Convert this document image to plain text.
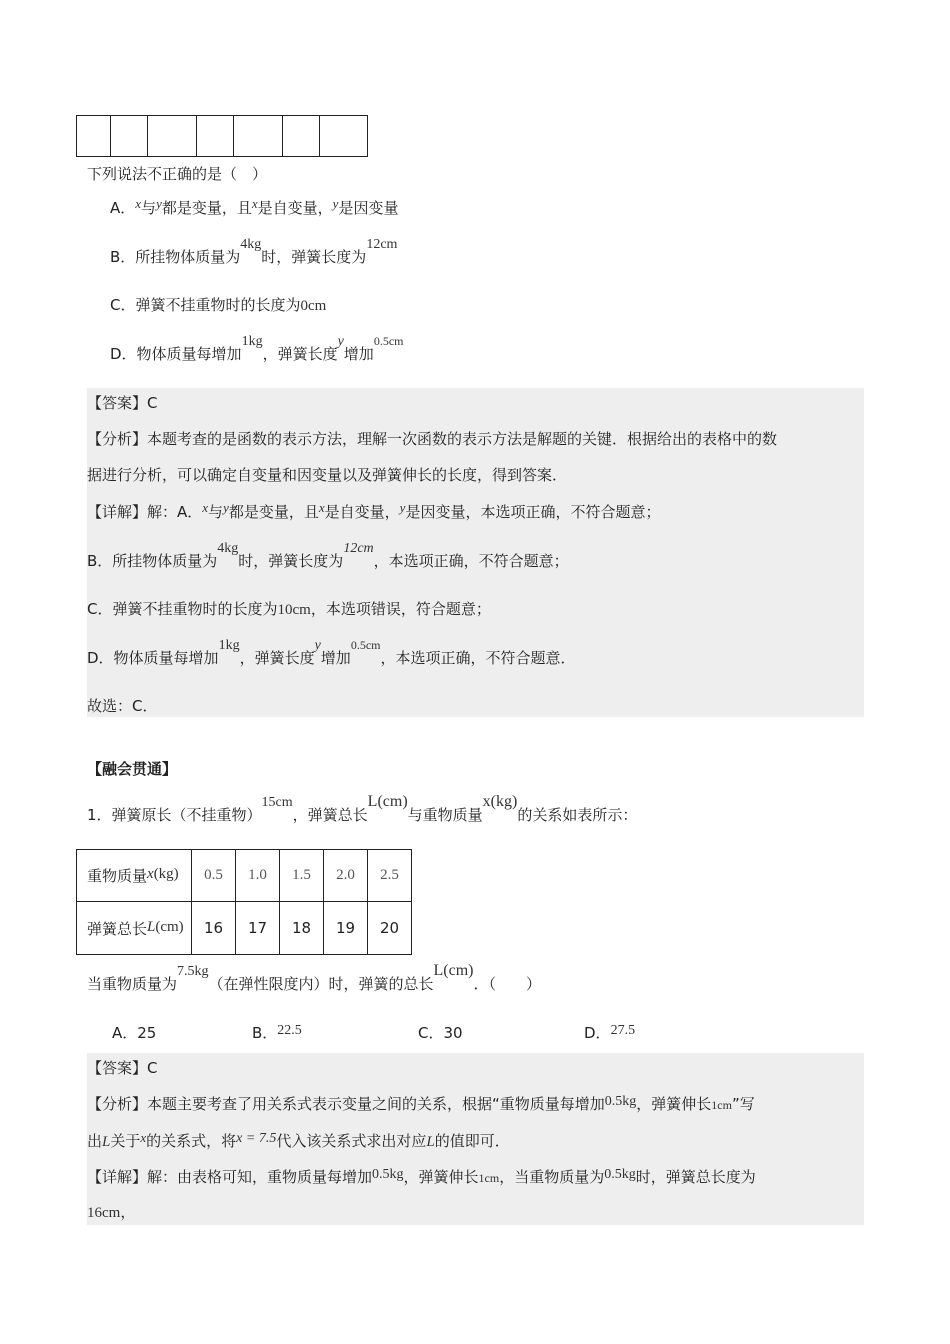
下列说法不正确的是（　）
A．x与y都是变量，且x是自变量，y是因变量
B．所挂物体质量为4kg时，弹簧长度为12cm
C．弹簧不挂重物时的长度为0cm
D．物体质量每增加1kg，弹簧长度y增加$^{0.5cm}$
【答案】C
【分析】本题考查的是函数的表示方法，理解一次函数的表示方法是解题的关键．根据给出的表格中的数
据进行分析，可以确定自变量和因变量以及弹簧伸长的长度，得到答案．
【详解】解：A．x与y都是变量，且x是自变量，y是因变量，本选项正确，不符合题意；
B．所挂物体质量为4kg时，弹簧长度为12cm，本选项正确，不符合题意；
C．弹簧不挂重物时的长度为10cm，本选项错误，符合题意；
D．物体质量每增加1kg，弹簧长度y增加$^{0.5cm}$，本选项正确，不符合题意．
故选：C．
【融会贯通】
1．弹簧原长（不挂重物）15cm，弹簧总长L(cm)与重物质量x(kg)的关系如表所示：
重物质量x(kg)	0.5	1.0	1.5	2.0	2.5
弹簧总长L(cm)	16	17	18	19	20
当重物质量为7.5kg（在弹性限度内）时，弹簧的总长L(cm)．（　　）
A．25	B．22.5	C．30	D．27.5
【答案】C
【分析】本题主要考查了用关系式表示变量之间的关系，根据“重物质量每增加0.5kg，弹簧伸长1cm”写
出L关于x的关系式，将x = 7.5代入该关系式求出对应L的值即可．
【详解】解：由表格可知，重物质量每增加0.5kg，弹簧伸长1cm，当重物质量为0.5kg时，弹簧总长度为
16cm，
